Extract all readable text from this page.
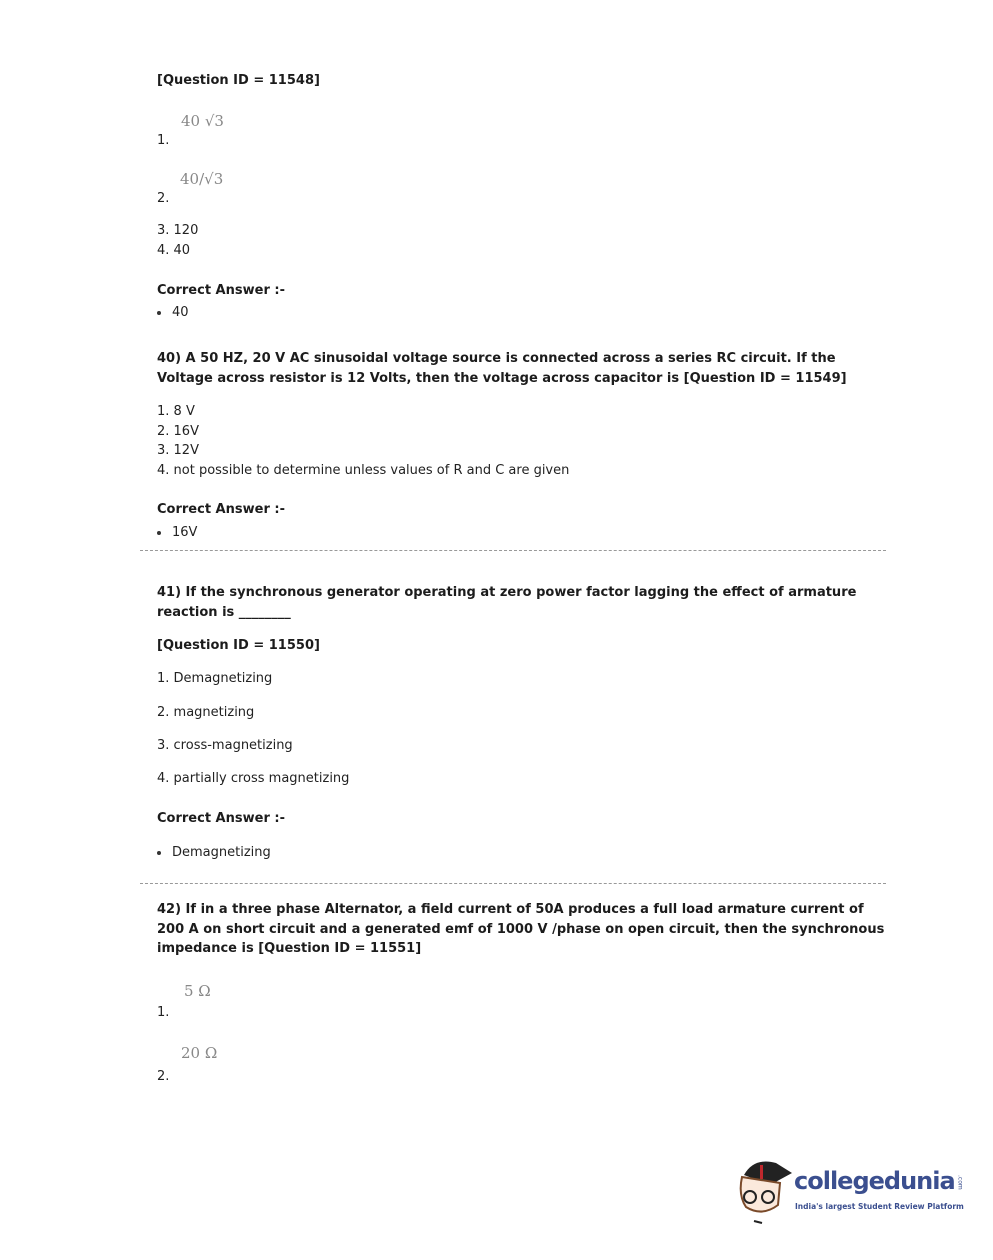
[Question ID = 11548]
40 √3
1.
40/√3
2.
3. 120
4. 40
Correct Answer :-
40
40) A 50 HZ, 20 V AC sinusoidal voltage source is connected across a series RC circuit. If the
Voltage across resistor is 12 Volts, then the voltage across capacitor is [Question ID = 11549]
1. 8 V
2. 16V
3. 12V
4. not possible to determine unless values of R and C are given
Correct Answer :-
16V
41) If the synchronous generator operating at zero power factor lagging the effect of armature
reaction is ________
[Question ID = 11550]
1. Demagnetizing
2. magnetizing
3. cross-magnetizing
4. partially cross magnetizing
Correct Answer :-
Demagnetizing
42) If in a three phase Alternator, a field current of 50A produces a full load armature current of
200 A on short circuit and a generated emf of 1000 V /phase on open circuit, then the synchronous
impedance is [Question ID = 11551]
5 Ω
1.
20 Ω
2.
collegedunia .com
India's largest Student Review Platform
